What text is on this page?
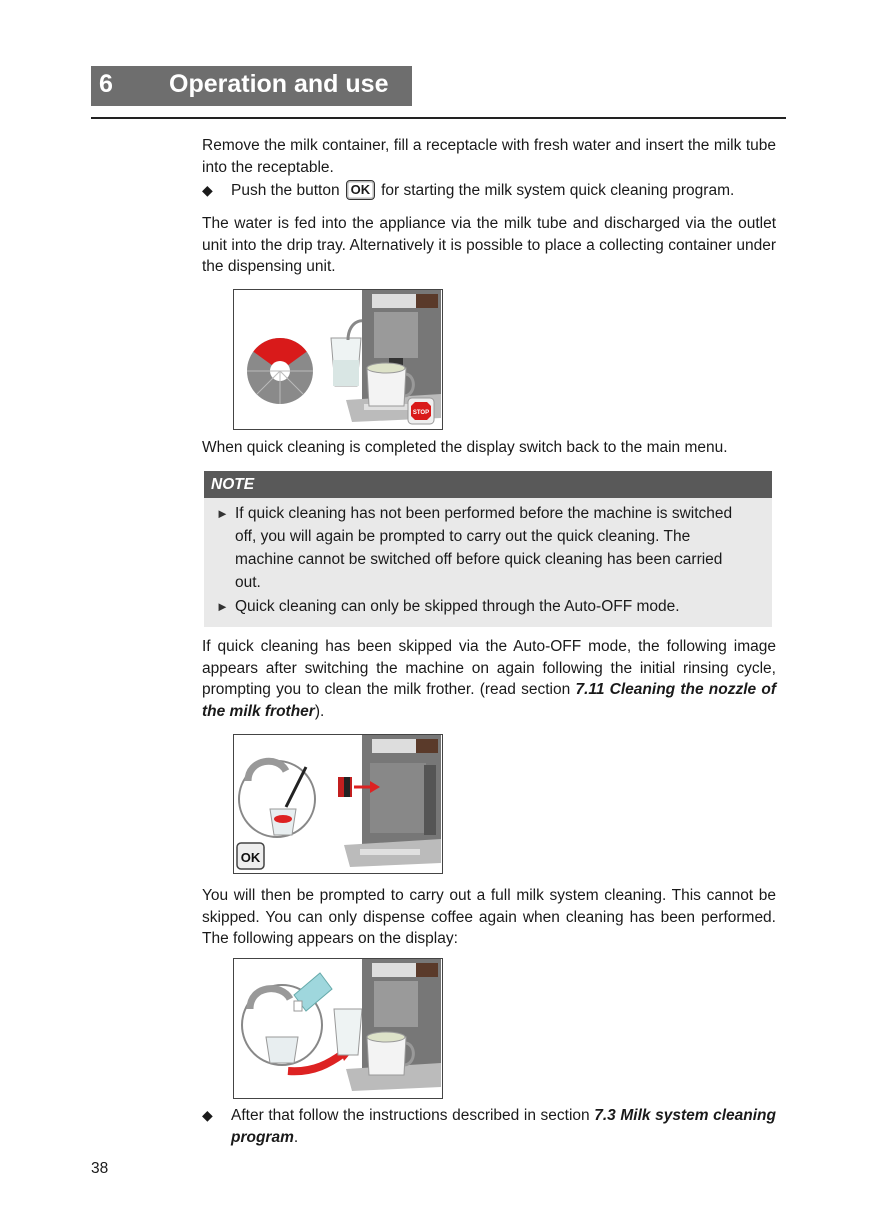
6 Operation and use
Remove the milk container, fill a receptacle with fresh water and insert the milk tube into the receptable.
◆ Push the button OK for starting the milk system quick cleaning program.
The water is fed into the appliance via the milk tube and discharged via the outlet unit into the drip tray. Alternatively it is possible to place a collecting container under the dispensing unit.
STOP
When quick cleaning is completed the display switch back to the main menu.
NOTE
► If quick cleaning has not been performed before the machine is switched off, you will again be prompted to carry out the quick cleaning. The machine cannot be switched off before quick cleaning has been carried out.
► Quick cleaning can only be skipped through the Auto-OFF mode.
If quick cleaning has been skipped via the Auto-OFF mode, the following image appears after switching the machine on again following the initial rinsing cycle, prompting you to clean the milk frother. (read section 7.11 Cleaning the nozzle of the milk frother).
OK
You will then be prompted to carry out a full milk system cleaning. This cannot be skipped. You can only dispense coffee again when cleaning has been performed. The following appears on the display:
◆ After that follow the instructions described in section 7.3 Milk system cleaning program.
38
